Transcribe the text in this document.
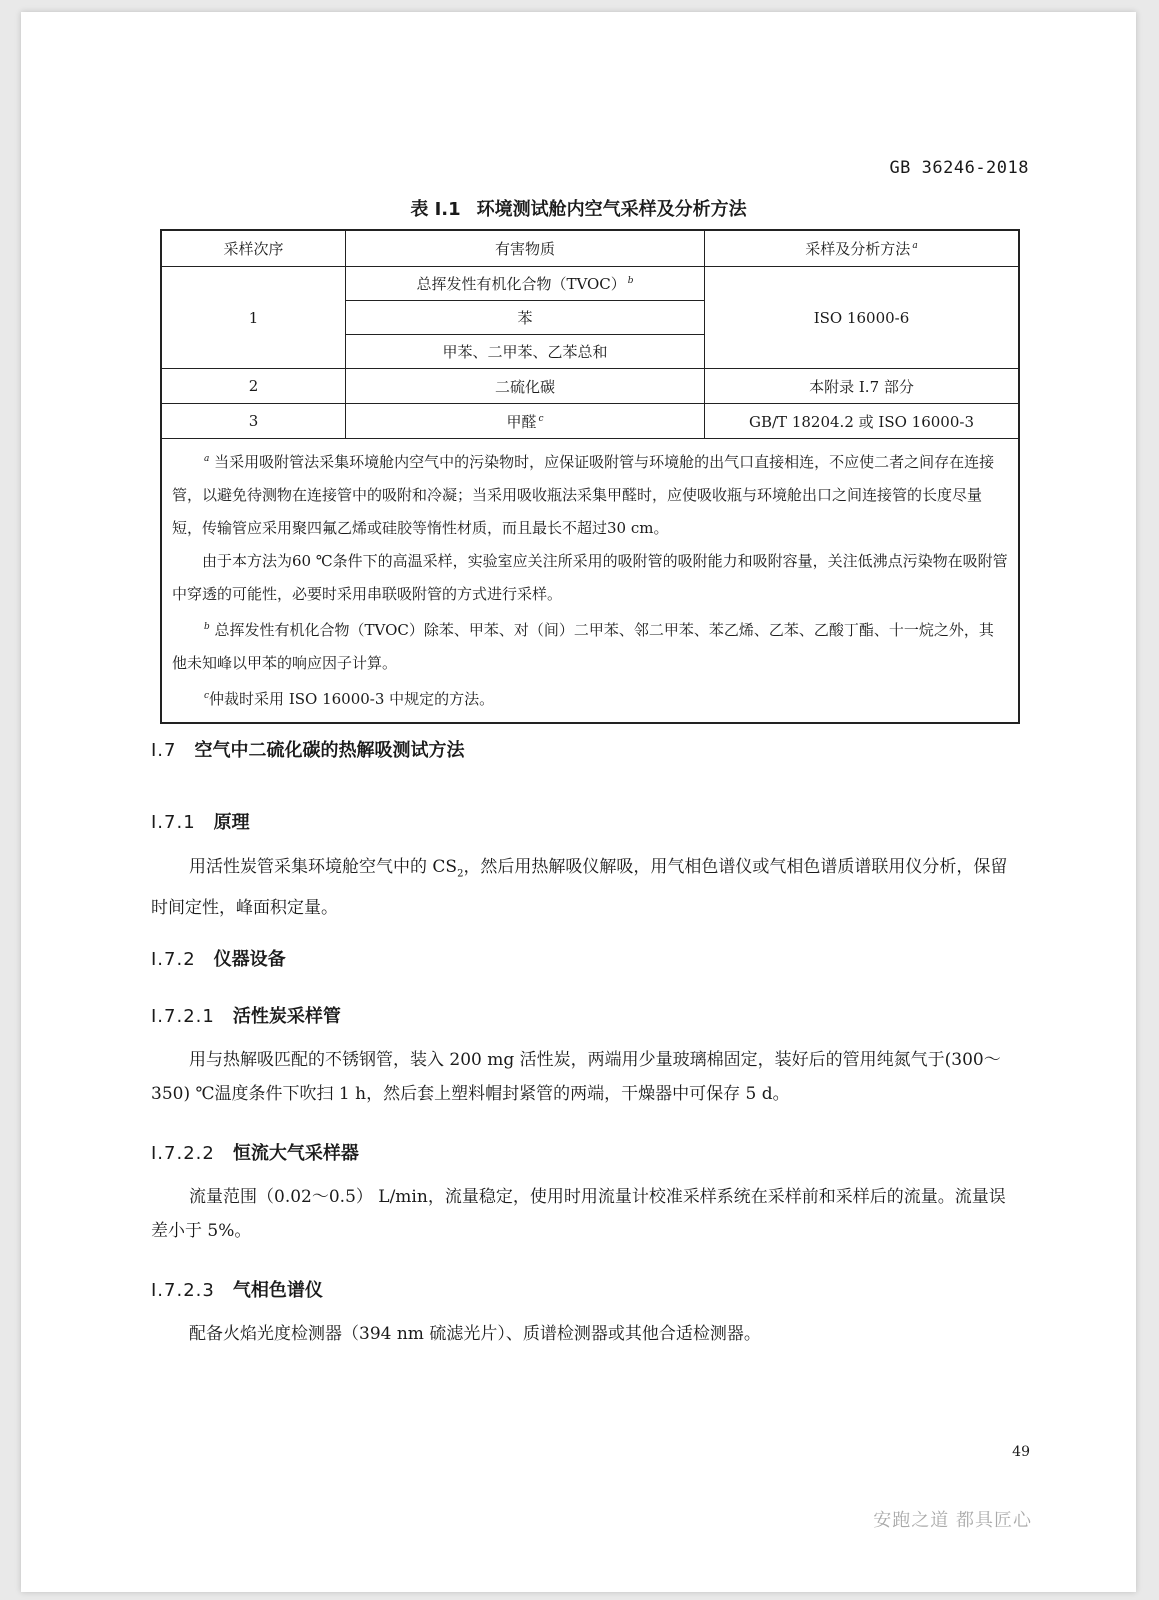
GB 36246-2018
表 I.1 环境测试舱内空气采样及分析方法
采样次序	有害物质	采样及分析方法 $^a$
1	总挥发性有机化合物（TVOC） $^b$	ISO 16000-6
	苯	
	甲苯、二甲苯、乙苯总和	
2	二硫化碳	本附录 I.7 部分
3	甲醛 $^c$	GB/T 18204.2 或 ISO 16000-3

$^a$ 当采用吸附管法采集环境舱内空气中的污染物时，应保证吸附管与环境舱的出气口直接相连，不应使二者之间存在连接管，以避免待测物在连接管中的吸附和冷凝；当采用吸收瓶法采集甲醛时，应使吸收瓶与环境舱出口之间连接管的长度尽量短，传输管应采用聚四氟乙烯或硅胶等惰性材质，而且最长不超过30 cm。

由于本方法为60 ℃条件下的高温采样，实验室应关注所采用的吸附管的吸附能力和吸附容量，关注低沸点污染物在吸附管中穿透的可能性，必要时采用串联吸附管的方式进行采样。

$^b$ 总挥发性有机化合物（TVOC）除苯、甲苯、对（间）二甲苯、邻二甲苯、苯乙烯、乙苯、乙酸丁酯、十一烷之外，其他未知峰以甲苯的响应因子计算。

$^c$仲裁时采用 ISO 16000-3 中规定的方法。		

I.7 空气中二硫化碳的热解吸测试方法
I.7.1 原理
用活性炭管采集环境舱空气中的 $CS_2$，然后用热解吸仪解吸，用气相色谱仪或气相色谱质谱联用仪分析，保留时间定性，峰面积定量。
I.7.2 仪器设备
I.7.2.1 活性炭采样管
用与热解吸匹配的不锈钢管，装入 200 mg 活性炭，两端用少量玻璃棉固定，装好后的管用纯氮气于(300～350) ℃温度条件下吹扫 1 h，然后套上塑料帽封紧管的两端，干燥器中可保存 5 d。
I.7.2.2 恒流大气采样器
流量范围（0.02～0.5） L/min，流量稳定，使用时用流量计校准采样系统在采样前和采样后的流量。流量误差小于 5%。
I.7.2.3 气相色谱仪
配备火焰光度检测器（394 nm 硫滤光片）、质谱检测器或其他合适检测器。
49
安跑之道 都具匠心
